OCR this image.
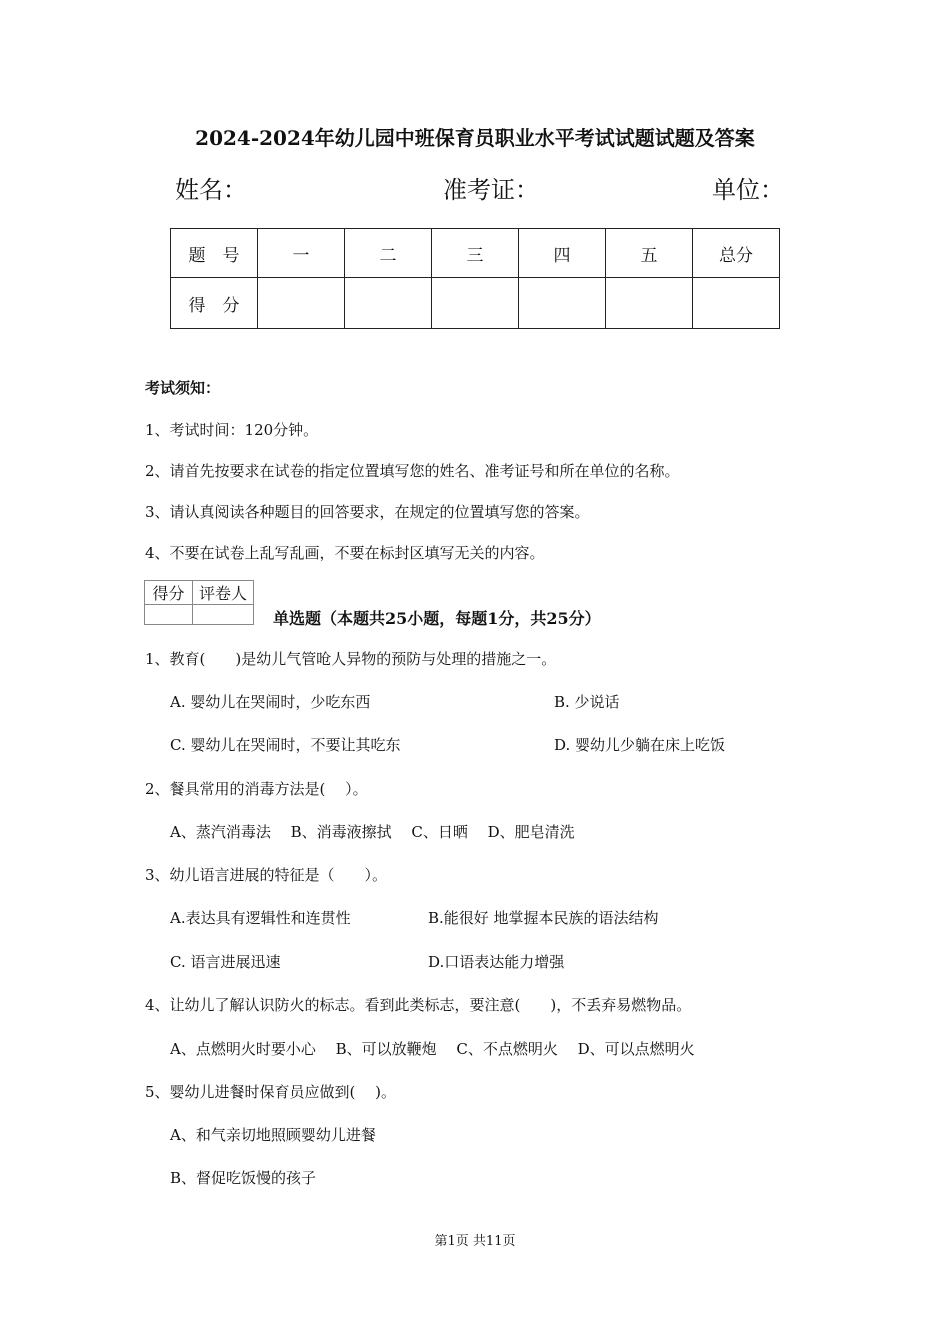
2024-2024年幼儿园中班保育员职业水平考试试题试题及答案
姓名：	准考证：	单位：
题　号	一	二	三	四	五	总分
得　分						
考试须知：
1、考试时间：120分钟。
2、请首先按要求在试卷的指定位置填写您的姓名、准考证号和所在单位的名称。
3、请认真阅读各种题目的回答要求，在规定的位置填写您的答案。
4、不要在试卷上乱写乱画，不要在标封区填写无关的内容。
得分	评卷人

单选题（本题共25小题，每题1分，共25分）
1、教育(　　)是幼儿气管呛人异物的预防与处理的措施之一。
A. 婴幼儿在哭闹时，少吃东西	B. 少说话
C. 婴幼儿在哭闹时，不要让其吃东	D. 婴幼儿少躺在床上吃饭
2、餐具常用的消毒方法是(　 ）。
A、蒸汽消毒法　 B、消毒液擦拭　 C、日晒　 D、肥皂清洗
3、幼儿语言进展的特征是（　　）。
A.表达具有逻辑性和连贯性	B.能很好 地掌握本民族的语法结构
C. 语言进展迅速	D.口语表达能力增强
4、让幼儿了解认识防火的标志。看到此类标志，要注意(　　)，不丢弃易燃物品。
A、点燃明火时要小心　 B、可以放鞭炮　 C、不点燃明火　 D、可以点燃明火
5、婴幼儿进餐时保育员应做到(　 )。
A、和气亲切地照顾婴幼儿进餐
B、督促吃饭慢的孩子
第1页 共11页
